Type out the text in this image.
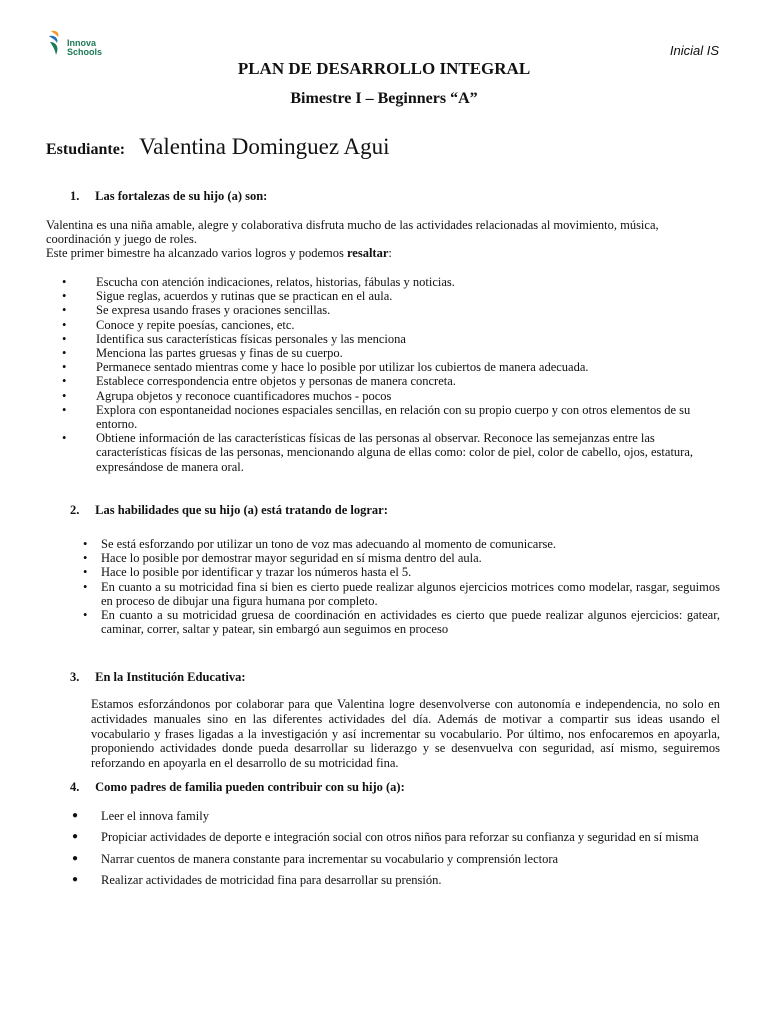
Innova
Schools	Inicial IS
PLAN DE DESARROLLO INTEGRAL
Bimestre I – Beginners “A”
Estudiante: Valentina Dominguez Agui
1. Las fortalezas de su hijo (a) son:
Valentina es una niña amable, alegre y colaborativa disfruta mucho de las actividades relacionadas al movimiento, música, coordinación y juego de roles.
Este primer bimestre ha alcanzado varios logros y podemos resaltar:
• Escucha con atención indicaciones, relatos, historias, fábulas y noticias.
• Sigue reglas, acuerdos y rutinas que se practican en el aula.
• Se expresa usando frases y oraciones sencillas.
• Conoce y repite poesías, canciones, etc.
• Identifica sus características físicas personales y las menciona
• Menciona las partes gruesas y finas de su cuerpo.
• Permanece sentado mientras come y hace lo posible por utilizar los cubiertos de manera adecuada.
• Establece correspondencia entre objetos y personas de manera concreta.
• Agrupa objetos y reconoce cuantificadores muchos - pocos
• Explora con espontaneidad nociones espaciales sencillas, en relación con su propio cuerpo y con otros elementos de su entorno.
• Obtiene información de las características físicas de las personas al observar. Reconoce las semejanzas entre las características físicas de las personas, mencionando alguna de ellas como: color de piel, color de cabello, ojos, estatura, expresándose de manera oral.
2. Las habilidades que su hijo (a) está tratando de lograr:
• Se está esforzando por utilizar un tono de voz mas adecuando al momento de comunicarse.
• Hace lo posible por demostrar mayor seguridad en sí misma dentro del aula.
• Hace lo posible por identificar y trazar los números hasta el 5.
• En cuanto a su motricidad fina si bien es cierto puede realizar algunos ejercicios motrices como modelar, rasgar, seguimos en proceso de dibujar una figura humana por completo.
• En cuanto a su motricidad gruesa de coordinación en actividades es cierto que puede realizar algunos ejercicios: gatear, caminar, correr, saltar y patear, sin embargó aun seguimos en proceso
3. En la Institución Educativa:
Estamos esforzándonos por colaborar para que Valentina logre desenvolverse con autonomía e independencia, no solo en actividades manuales sino en las diferentes actividades del día. Además de motivar a compartir sus ideas usando el vocabulario y frases ligadas a la investigación y así incrementar su vocabulario. Por último, nos enfocaremos en apoyarla, proponiendo actividades donde pueda desarrollar su liderazgo y se desenvuelva con seguridad, así mismo, seguiremos reforzando en apoyarla en el desarrollo de su motricidad fina.
4. Como padres de familia pueden contribuir con su hijo (a):
● Leer el innova family
● Propiciar actividades de deporte e integración social con otros niños para reforzar su confianza y seguridad en sí misma
● Narrar cuentos de manera constante para incrementar su vocabulario y comprensión lectora
● Realizar actividades de motricidad fina para desarrollar su prensión.
